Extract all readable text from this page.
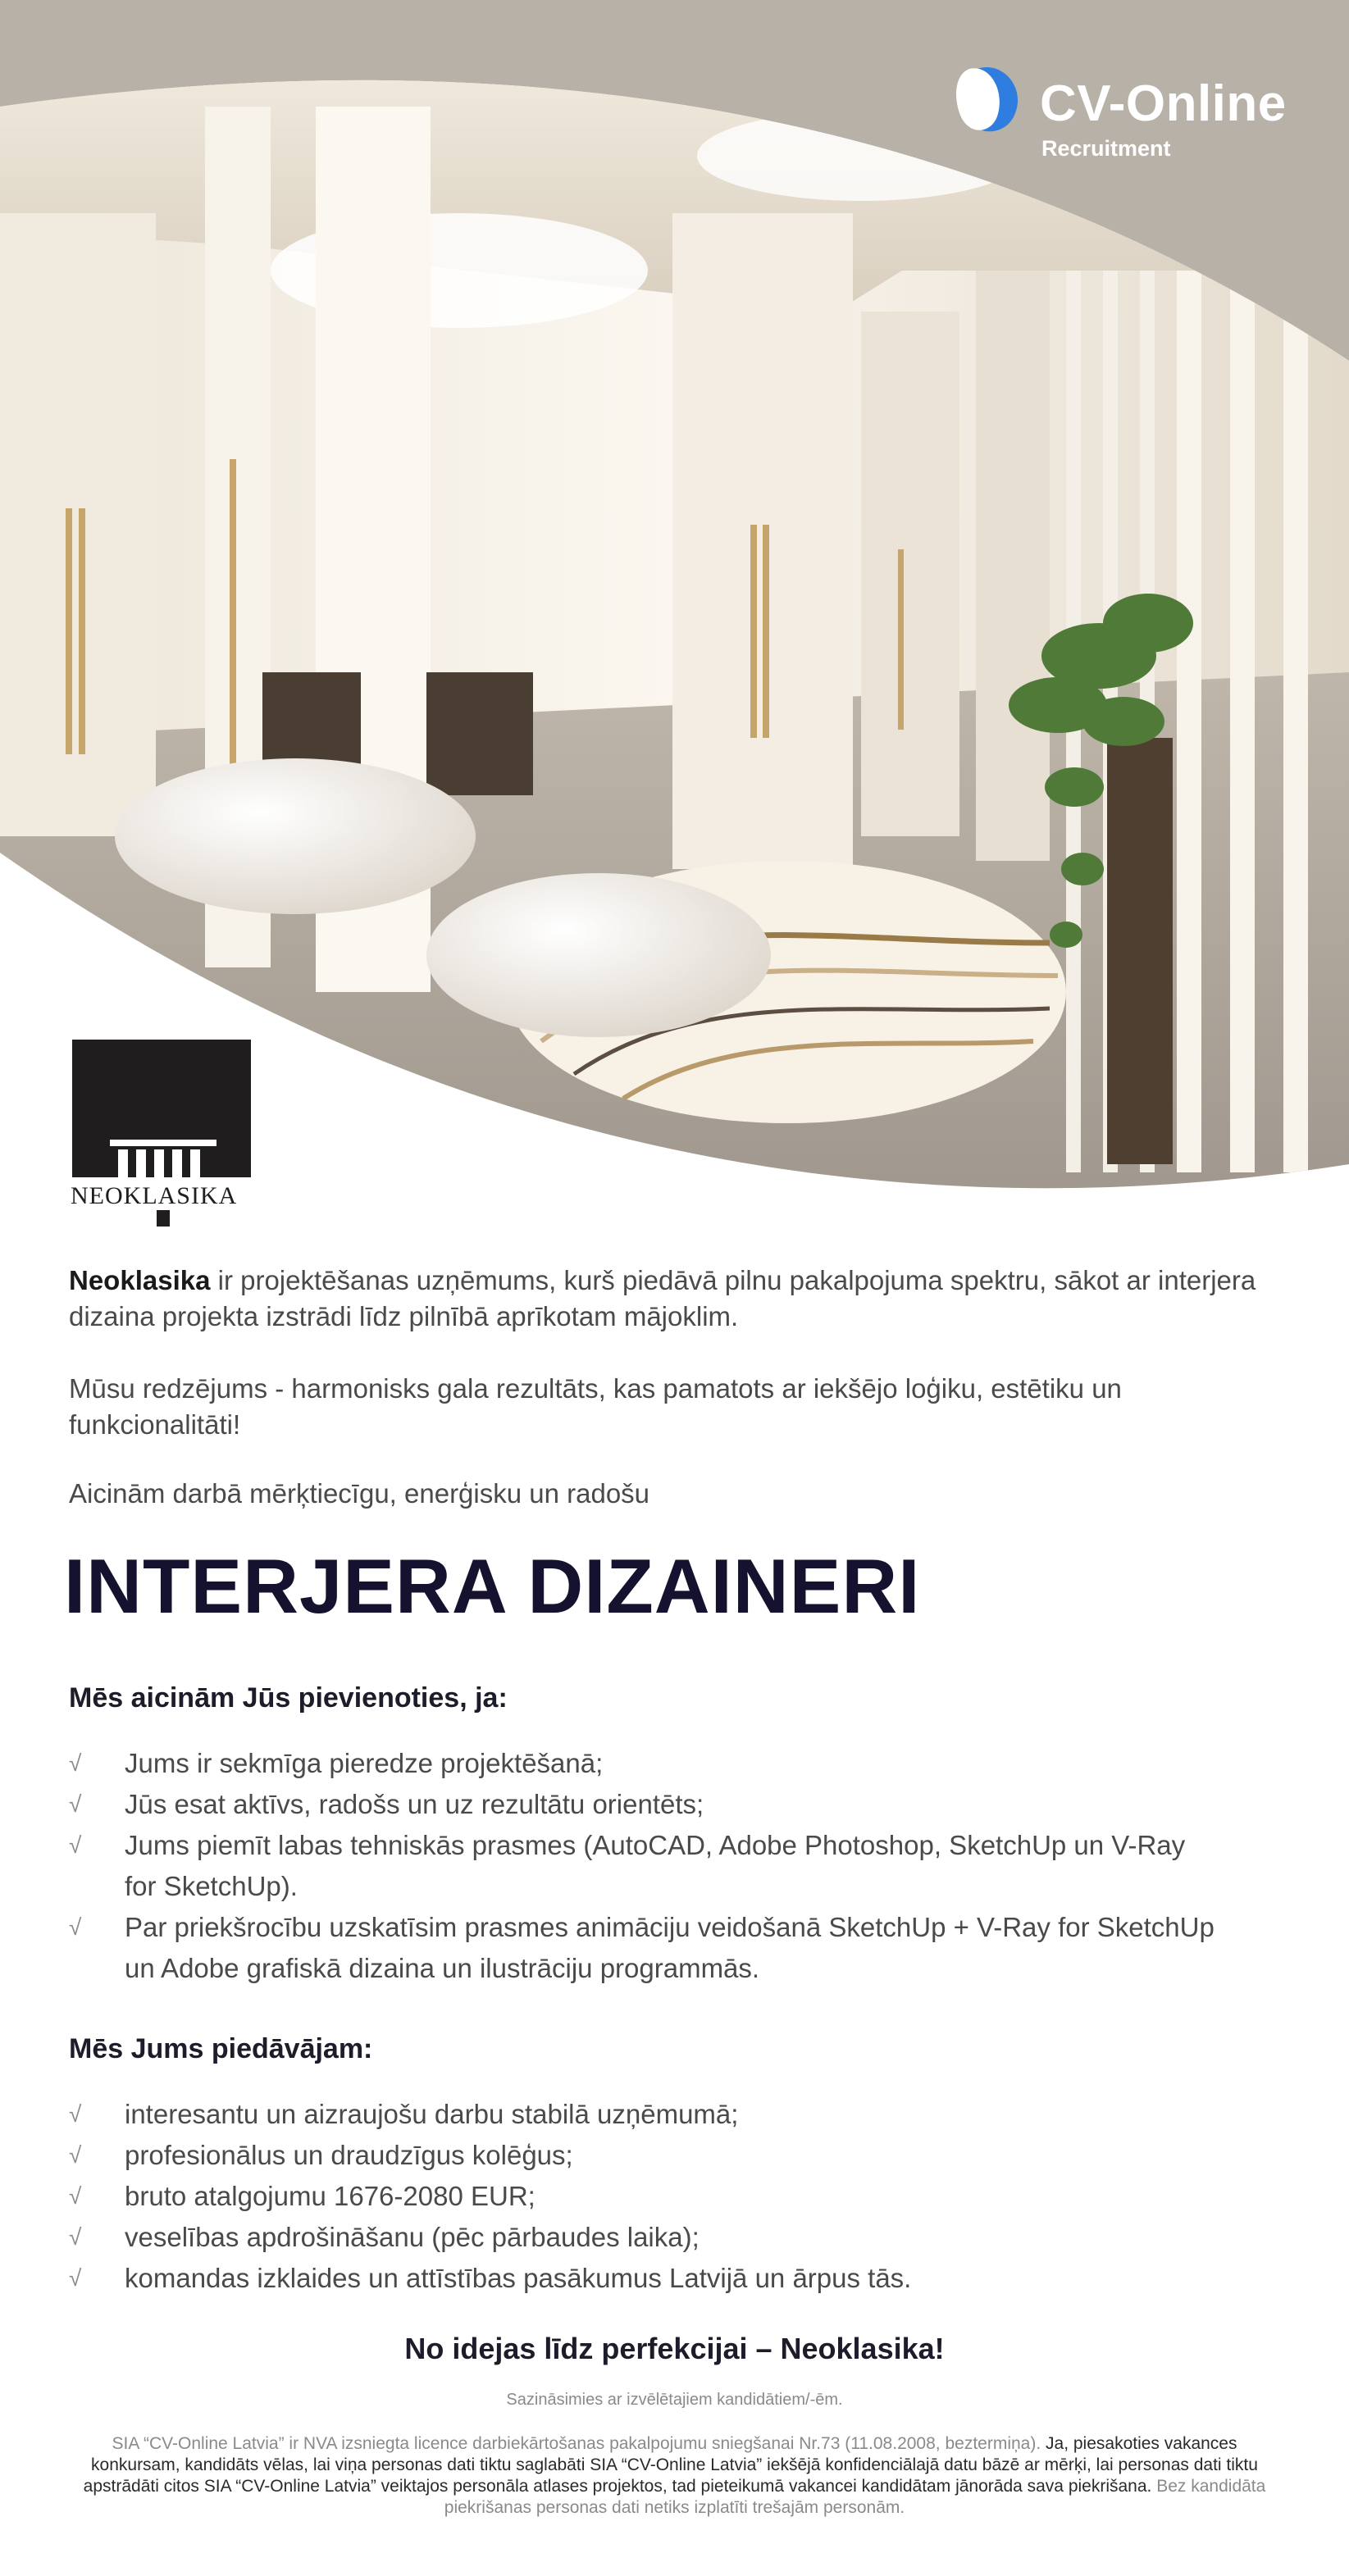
CV-Online
Recruitment
NEOKLASIKA

Neoklasika ir projektēšanas uzņēmums, kurš piedāvā pilnu pakalpojuma spektru, sākot ar interjera
dizaina projekta izstrādi līdz pilnībā aprīkotam mājoklim.

Mūsu redzējums - harmonisks gala rezultāts, kas pamatots ar iekšējo loģiku, estētiku un
funkcionalitāti!

Aicinām darbā mērķtiecīgu, enerģisku un radošu

INTERJERA DIZAINERI
Mēs aicinām Jūs pievienoties, ja:
√ Jums ir sekmīga pieredze projektēšanā;
√ Jūs esat aktīvs, radošs un uz rezultātu orientēts;
√ Jums piemīt labas tehniskās prasmes (AutoCAD, Adobe Photoshop, SketchUp un V-Ray
for SketchUp).
√ Par priekšrocību uzskatīsim prasmes animāciju veidošanā SketchUp + V-Ray for SketchUp
un Adobe grafiskā dizaina un ilustrāciju programmās.
Mēs Jums piedāvājam:
√ interesantu un aizraujošu darbu stabilā uzņēmumā;
√ profesionālus un draudzīgus kolēģus;
√ bruto atalgojumu 1676-2080 EUR;
√ veselības apdrošināšanu (pēc pārbaudes laika);
√ komandas izklaides un attīstības pasākumus Latvijā un ārpus tās.
No idejas līdz perfekcijai – Neoklasika!
Sazināsimies ar izvēlētajiem kandidātiem/-ēm.
SIA “CV-Online Latvia” ir NVA izsniegta licence darbiekārtošanas pakalpojumu sniegšanai Nr.73 (11.08.2008, beztermiņa). Ja, piesakoties vakances konkursam, kandidāts vēlas, lai viņa personas dati tiktu saglabāti SIA “CV-Online Latvia” iekšējā konfidenciālajā datu bāzē ar mērķi, lai personas dati tiktu apstrādāti citos SIA “CV-Online Latvia” veiktajos personāla atlases projektos, tad pieteikumā vakancei kandidātam jānorāda sava piekrišana. Bez kandidāta piekrišanas personas dati netiks izplatīti trešajām personām.
